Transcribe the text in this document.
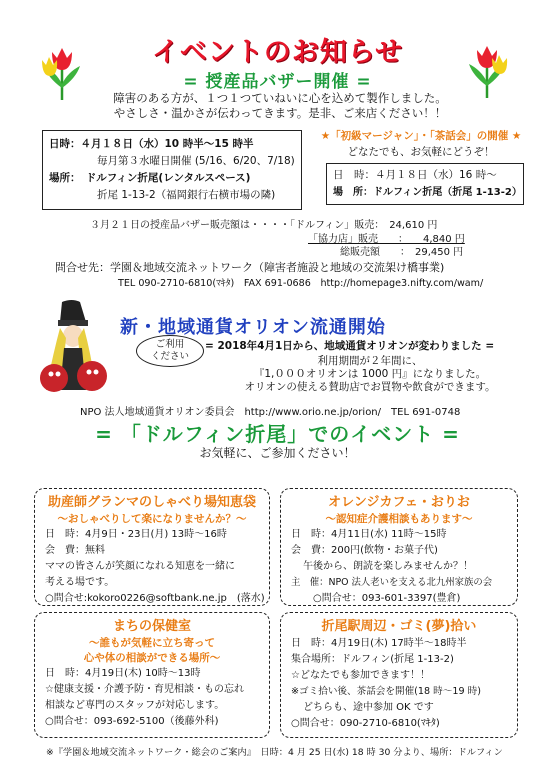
イベントのお知らせ
= 授産品バザー開催 =
障害のある方が、１つ１つていねいに心を込めて製作しました。
やさしさ・温かさが伝わってきます。是非、ご来店ください！！
日時：４月１８日（水）10 時半～15 時半
毎月第３水曜日開催 (5/16、6/20、7/18)
場所：　ドルフィン折尾(レンタルスペース)
折尾 1-13-2（福岡銀行右横市場の隣)
★「初級マージャン」・「茶話会」の開催 ★
どなたでも、お気軽にどうぞ！
日　時：４月１８日（水）16 時～
場　所：ドルフィン折尾（折尾 1-13-2）
３月２１日の授産品バザー販売額は・・・・「ドルフィン」販売：　24,610 円
「協力店」販売　　：　　4,840 円
総販売額　　：　29,450 円
問合せ先：学園＆地域交流ネットワーク（障害者施設と地域の交流架け橋事業)
TEL 090-2710-6810(ﾏｷﾀ)　FAX 691-0686　http://homepage3.nifty.com/wam/
新・地域通貨オリオン流通開始
ご利用
ください
= 2018年4月1日から、地域通貨オリオンが変わりました =
利用期間が２年間に、
『1,０００オリオンは 1000 円』になりました。
オリオンの使える賛助店でお買物や飲食ができます。
NPO 法人地域通貨オリオン委員会　http://www.orio.ne.jp/orion/　TEL 691-0748
= 「ドルフィン折尾」でのイベント =
お気軽に、ご参加ください！
助産師グランマのしゃべり場知恵袋
～おしゃべりして楽になりませんか？～
日　時：4月9日・23日(月) 13時～16時
会　費：無料
ママの皆さんが笑顔になれる知恵を一緒に
考える場です。
○問合せ:kokoro0226@softbank.ne.jp　(落水)
オレンジカフェ・おりお
～認知症介護相談もあります～
日　時：4月11日(水) 11時～15時
会　費：200円(飲物・お菓子代)
午後から、朗読を楽しみませんか？！
主　催：NPO 法人老いを支える北九州家族の会
○問合せ：093-601-3397(豊倉)
まちの保健室
～誰もが気軽に立ち寄って
心や体の相談ができる場所～
日　時：4月19日(木) 10時～13時
☆健康支援・介護予防・育児相談・もの忘れ
相談など専門のスタッフが対応します。
○問合せ：093-692-5100（後藤外科)
折尾駅周辺・ゴミ(夢)拾い
日　時：4月19日(木) 17時半～18時半
集合場所：ドルフィン(折尾 1-13-2)
☆どなたでも参加できます！！
※ゴミ拾い後、茶話会を開催(18 時～19 時)
どちらも、途中参加 OK です
○問合せ：090-2710-6810(ﾏｷﾀ)
※『学園＆地域交流ネットワーク・総会のご案内』　日時：4 月 25 日(水) 18 時 30 分より、場所：ドルフィン
